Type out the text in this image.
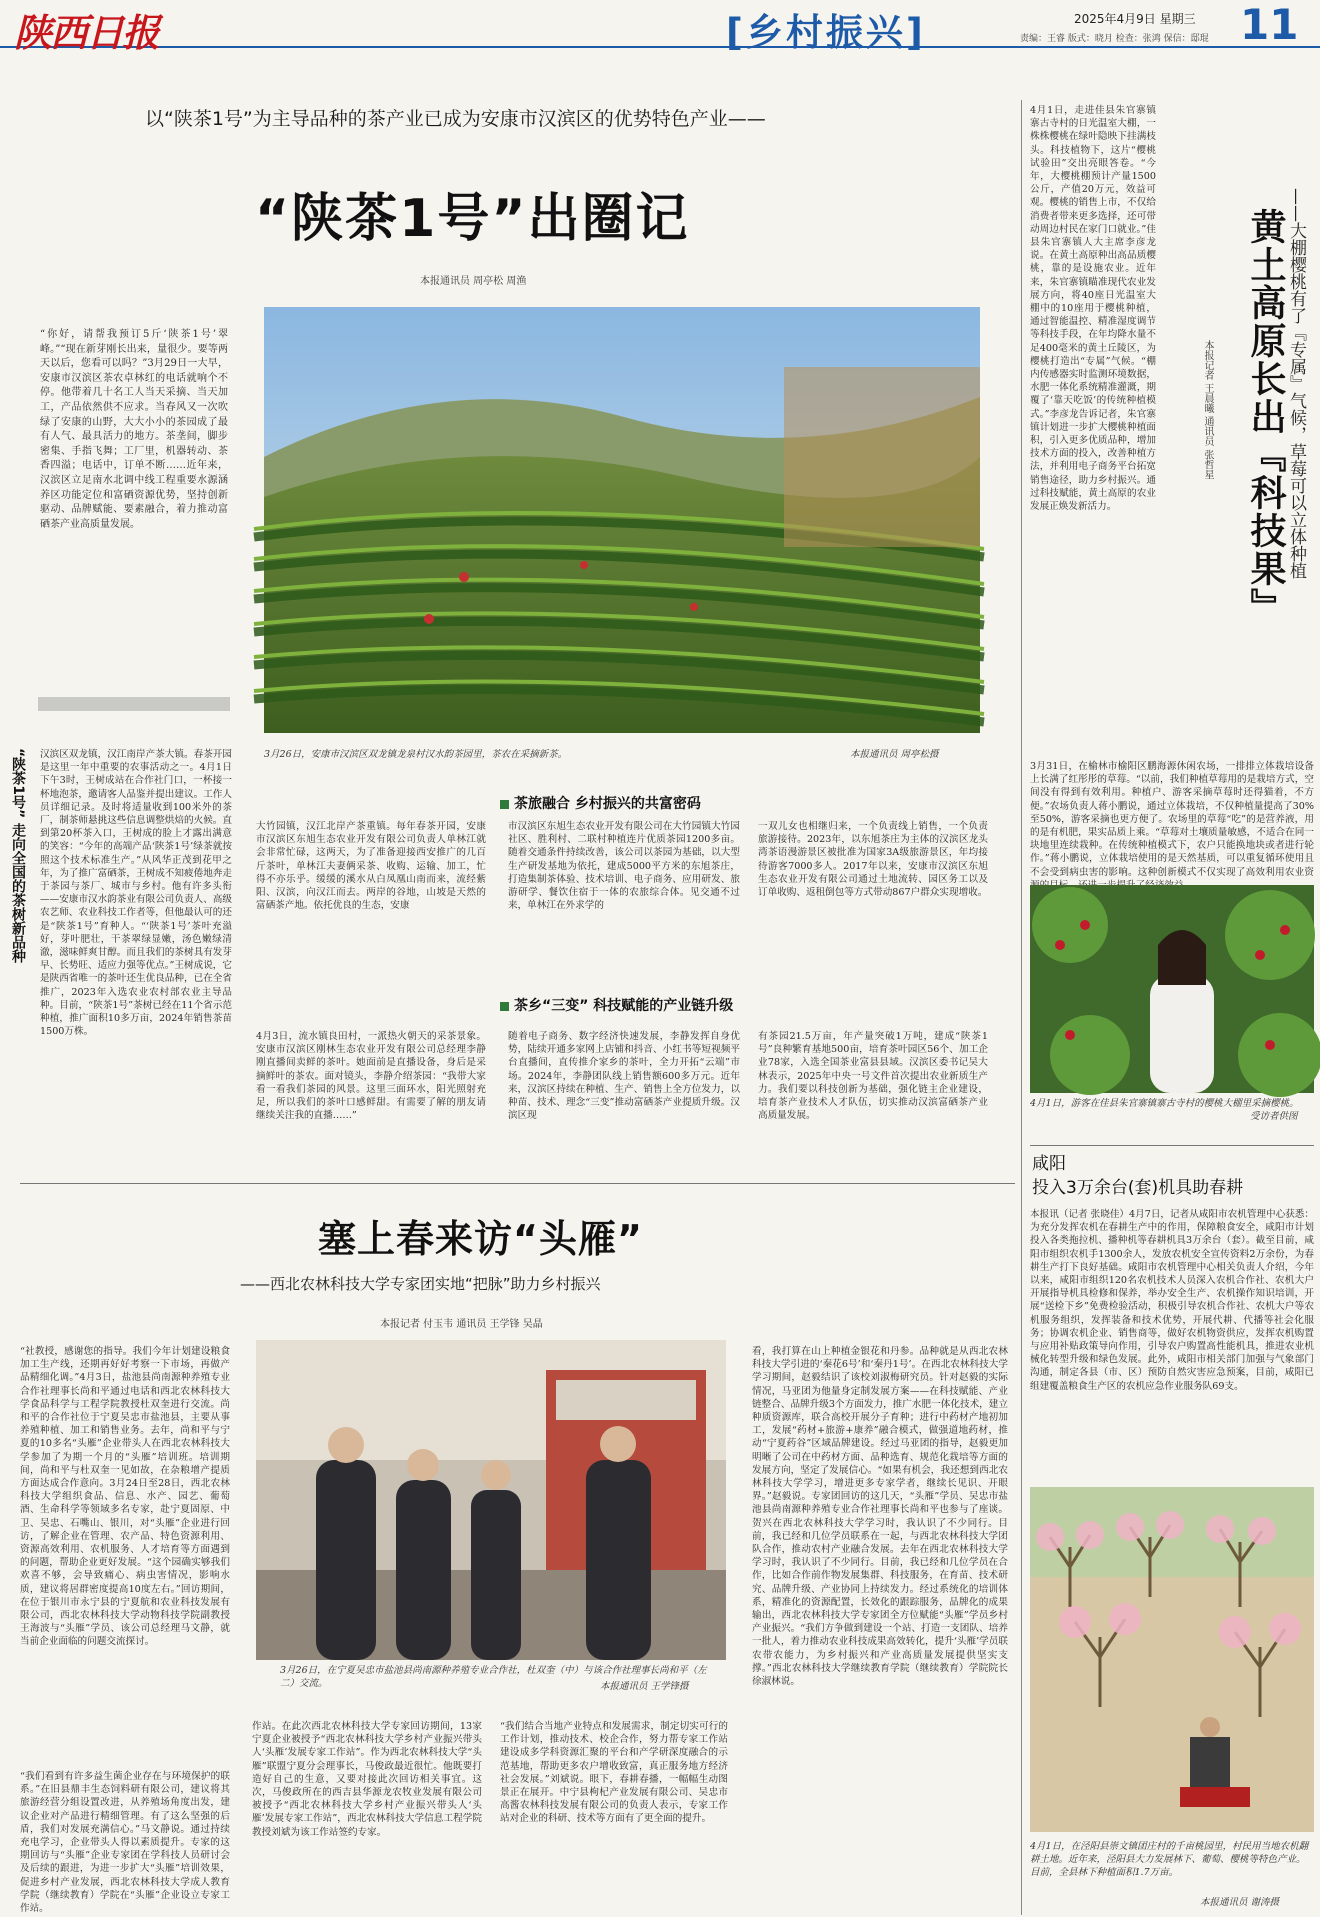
陕西日报	[乡村振兴]	2025年4月9日 星期三
责编：王睿 版式：晓月 检查：张鸿 保信：邸琨 11
以“陕茶1号”为主导品种的茶产业已成为安康市汉滨区的优势特色产业——
“陕茶1号”出圈记
本报通讯员 周亭松 周渔
“你好，请帮我预订5斤‘陕茶1号’翠峰。”“现在新芽刚长出来，量很少。要等两天以后，您看可以吗？”3月29日一大早，安康市汉滨区茶农卓林红的电话就响个不停。他带着几十名工人当天采摘、当天加工，产品依然供不应求。当春风又一次吹绿了安康的山野，大大小小的茶园成了最有人气、最具活力的地方。茶垄间，脚步密集、手指飞舞；工厂里，机器转动、茶香四溢；电话中，订单不断……近年来，汉滨区立足南水北调中线工程重要水源涵养区功能定位和富硒资源优势，坚持创新驱动、品牌赋能、要素融合，着力推动富硒茶产业高质量发展。
3月26日，安康市汉滨区双龙镇龙泉村汉水韵茶园里，茶农在采摘新茶。	本报通讯员 周亭松摄
“陕茶1号” 走向全国的茶树新品种 汉滨区双龙镇，汉江南岸产茶大镇。春茶开园是这里一年中重要的农事活动之一。4月1日下午3时，王树成站在合作社门口，一杯接一杯地泡茶，邀请客人品鉴并提出建议。工作人员详细记录。及时将适量收到100米外的茶厂，制茶师悬挑这些信息调整烘焙的火候。直到第20杯茶入口，王树成的脸上才露出满意的笑容：“今年的高端产品‘陕茶1号’绿茶就按照这个技术标准生产。”从风华正茂到花甲之年，为了推广富硒茶，王树成不知疲倦地奔走于茶园与茶厂、城市与乡村。他有许多头衔——安康市汉水韵茶业有限公司负责人、高级农艺师、农业科技工作者等，但他最认可的还是“陕茶1号”育种人。“‘陕茶1号’茶叶充溢好，芽叶肥壮，干茶翠绿显嫩，汤色嫩绿清澈，滋味鲜爽甘醇。而且我们的茶树具有发芽早、长势旺、适应力强等优点。”王树成说，它是陕西省唯一的茶叶还生优良品种，已在全省推广，2023年入选农业农村部农业主导品种。目前，“陕茶1号”茶树已经在11个省示范种植，推广面积10多万亩，2024年销售茶苗1500万株。
茶旅融合 乡村振兴的共富密码
大竹园镇，汉江北岸产茶重镇。每年春茶开园，安康市汉滨区东旭生态农业开发有限公司负责人单林江就会非常忙碌，这两天，为了准备迎接西安推广的几百斤茶叶，单林江夫妻俩采茶、收购、运输、加工，忙得不亦乐乎。缓缓的溪水从白凤凰山南而来，流经紫阳、汉滨，向汉江而去。两岸的谷地，山坡是天然的富硒茶产地。依托优良的生态，安康
市汉滨区东旭生态农业开发有限公司在大竹园镇大竹园社区、胜利村、二联村种植连片优质茶园1200多亩。随着交通条件持续改善，该公司以茶园为基础，以大型生产研发基地为依托，建成5000平方米的东旭茶庄，打造集制茶体验、技术培训、电子商务、应用研发、旅游研学、餐饮住宿于一体的农旅综合体。见交通不过来，单林江在外求学的
一双儿女也相继归来，一个负责线上销售，一个负责旅游接待。2023年，以东旭茶庄为主体的汉滨区龙头湾茶语漫游景区被批准为国家3A级旅游景区，年均接待游客7000多人。2017年以来，安康市汉滨区东旭生态农业开发有限公司通过土地流转、园区务工以及订单收购、返租倒包等方式带动867户群众实现增收。
茶乡“三变” 科技赋能的产业链升级
4月3日，流水镇良田村，一派热火朝天的采茶景象。安康市汉滨区刚林生态农业开发有限公司总经理李静刚直播间卖鲜的茶叶。她面前是直播设备，身后是采摘鲜叶的茶农。面对镜头，李静介绍茶园：“我带大家看一看我们茶园的风景。这里三面环水，阳光照射充足，所以我们的茶叶口感鲜甜。有需要了解的朋友请继续关注我的直播……”
随着电子商务、数字经济快速发展，李静发挥自身优势，陆续开通多家网上店铺和抖音、小红书等短视频平台直播间，直传推介家乡的茶叶，全力开拓“云端”市场。2024年，李静团队线上销售额600多万元。近年来，汉滨区持续在种植、生产、销售上全方位发力，以种苗、技术、理念“三变”推动富硒茶产业提质升级。汉滨区现
有茶园21.5万亩，年产量突破1万吨，建成“陕茶1号”良种繁育基地500亩，培育茶叶园区56个、加工企业78家，入选全国茶业富县县域。汉滨区委书记吴大林表示，2025年中央一号文件首次提出农业新质生产力。我们要以科技创新为基础，强化链主企业建设，培育茶产业技术人才队伍，切实推动汉滨富硒茶产业高质量发展。
塞上春来访“头雁”
——西北农林科技大学专家团实地“把脉”助力乡村振兴
本报记者 付玉韦 通讯员 王学锋 吴晶
“社教授，感谢您的指导。我们今年计划建设粮食加工生产线，还期再好好考察一下市场，再做产品精细化调。”4月3日，盐池县尚南源种养殖专业合作社理事长尚和平通过电话和西北农林科技大学食品科学与工程学院教授杜双奎进行交流。尚和平的合作社位于宁夏吴忠市盐池县，主要从事养殖种植、加工和销售业务。去年，尚和平与宁夏的10多名“头雁”企业带头人在西北农林科技大学参加了为期一个月的“头雁”培训班。培训期间，尚和平与杜双奎一见如故，在杂粮增产提质方面达成合作意向。3月24日至28日，西北农林科技大学组织食品、信息、水产、园艺、葡萄酒、生命科学等领域多名专家，赴宁夏固原、中卫、吴忠、石嘴山、银川，对“头雁”企业进行回访，了解企业在管理、农产品、特色资源利用、资源高效利用、农机服务、人才培育等方面遇到的问题，帮助企业更好发展。“这个园确实够我们欢喜不够，会导致痛心、病虫害情况，影响水质，建议将居群密度提高10度左右。”回访期间，在位于银川市永宁县的宁夏航和农业科技发展有限公司，西北农林科技大学动物科技学院副教授王海波与“头雁”学员、该公司总经理马文静，就当前企业面临的问题交流探讨。
“我们看到有许多益生菌企业存在与环境保护的联系。”在旧县鼎丰生态饲料研有限公司，建议将其旅游经营分组设置改进，从养殖场角度出发，建议企业对产品进行精细管理。有了这么坚强的后盾，我们对发展充满信心。”马文静说。通过持续充电学习，企业带头人得以素质提升。专家的这期回访与“头雁”企业专家团在学科技人员研讨会及后续的跟进，为进一步扩大“头雁”培训效果，促进乡村产业发展，西北农林科技大学成人教育学院（继续教育）学院在“头雁”企业设立专家工作站。
3月26日，在宁夏吴忠市盐池县尚南源种养殖专业合作社，杜双奎（中）与该合作社理事长尚和平（左二）交流。	本报通讯员 王学锋摄
作站。在此次西北农林科技大学专家回访期间，13家宁夏企业被授予“西北农林科技大学乡村产业振兴带头人‘头雁’发展专家工作站”。作为西北农林科技大学“头雁”联盟宁夏分会理事长，马俊政最近很忙。他既要打造好自己的生意，又要对接此次回访相关事宜。这次，马俊政所在的西吉县华源龙农牧业发展有限公司被授予“西北农林科技大学乡村产业振兴带头人‘头雁’发展专家工作站”，西北农林科技大学信息工程学院教授刘斌为该工作站签约专家。
“我们结合当地产业特点和发展需求，制定切实可行的工作计划，推动技术、校企合作，努力帮专家工作站建设成多学科资源汇聚的平台和产学研深度融合的示范基地，帮助更多农户增收致富，真正服务地方经济社会发展。”刘斌说。眼下，春耕春播，一幅幅生动图景正在展开。中宁县枸杞产业发展有限公司、吴忠市高酱农林科技发展有限公司的负责人表示，专家工作站对企业的科研、技术等方面有了更全面的提升。
看，我打算在山上种植金银花和丹参。品种就是从西北农林科技大学引进的‘秦花6号’和‘秦丹1号’。在西北农林科技大学学习期间，赵毅结识了该校刘淑梅研究员。针对赵毅的实际情况，马亚团为他量身定制发展方案——在科技赋能、产业链整合、品牌升级3个方面发力，推广水肥一体化技术，建立种质资源库，联合高校开展分子育种；进行中药材产地初加工，发展“药材+旅游+康养”融合模式，做强道地药材，推动“宁夏药谷”区域品牌建设。经过马亚团的指导，赵毅更加明晰了公司在中药材方面、品种选育、规范化栽培等方面的发展方向，坚定了发展信心。“如果有机会，我还想到西北农林科技大学学习，增进更多专家学者，继续长见识、开眼界。”赵毅说。专家团回访的这几天，“头雁”学员、吴忠市盐池县尚南源种养殖专业合作社理事长尚和平也参与了座谈。贺兴在西北农林科技大学学习时，我认识了不少同行。目前，我已经和几位学员联系在一起，与西北农林科技大学团队合作，推动农村产业融合发展。去年在西北农林科技大学学习时，我认识了不少同行。目前，我已经和几位学员在合作，比如合作前作物发展集群、科技服务，在育苗、技术研究、品牌升级、产业协同上持续发力。经过系统化的培训体系，精准化的资源配置，长效化的跟踪服务，品牌化的成果输出，西北农林科技大学专家团全方位赋能“头雁”学员乡村产业振兴。“我们方争做到建设一个站、打造一支团队、培养一批人，着力推动农业科技成果高效转化，提升‘头雁’学员联农带农能力，为乡村振兴和产业高质量发展提供坚实支撑。”西北农林科技大学继续教育学院（继续教育）学院院长徐淑林说。
4月1日，走进佳县朱官寨镇寨古寺村的日光温室大棚，一株株樱桃在绿叶隐映下挂满枝头。科技植物下，这片“樱桃试验田”交出亮眼答卷。“今年，大樱桃棚预计产量1500公斤，产值20万元，效益可观。樱桃的销售上市，不仅给消费者带来更多选择，还可带动周边村民在家门口就业。”佳县朱官寨镇人大主席李彦龙说。在黄土高原种出高品质樱桃，靠的是设施农业。近年来，朱官寨镇瞄准现代农业发展方向，将40座日光温室大棚中的10座用于樱桃种植，通过智能温控、精准湿度调节等科技手段，在年均降水量不足400毫米的黄土丘陵区，为樱桃打造出“专属”气候。“棚内传感器实时监测环境数据，水肥一体化系统精准灌溉，期覆了‘靠天吃饭’的传统种植模式。”李彦龙告诉记者，朱官寨镇计划进一步扩大樱桃种植面积，引入更多优质品种，增加技术方面的投入，改善种植方法，并利用电子商务平台拓宽销售途径，助力乡村振兴。通过科技赋能，黄土高原的农业发展正焕发新活力。	黄土高原长出『科技果』 ——大棚樱桃有了『专属』气候，草莓可以立体种植
本报记者 王晨曦 通讯员 张哲星
3月31日，在榆林市榆阳区鹏海源休闲农场，一排排立体栽培设备上长满了红彤彤的草莓。“以前，我们种植草莓用的是栽培方式，空间没有得到有效利用。种植户、游客采摘草莓时还得猫着，不方便。”农场负责人蒋小鹏说，通过立体栽培，不仅种植量提高了30%至50%，游客采摘也更方便了。农场里的草莓“吃”的是营养液，用的是有机肥，果实品质上乘。“草莓对土壤质量敏感，不适合在同一块地里连续栽种。在传统种植模式下，农户只能换地块或者进行轮作。”蒋小鹏说，立体栽培使用的是天然基质，可以重复循环使用且不会受到病虫害的影响。这种创新模式不仅实现了高效利用农业资
4月1日，游客在佳县朱官寨镇寨古寺村的樱桃大棚里采摘樱桃。
受访者供图
咸阳
投入3万余台(套)机具助春耕
本报讯（记者 张晓佳）4月7日，记者从咸阳市农机管理中心获悉：为充分发挥农机在春耕生产中的作用，保障粮食安全，咸阳市计划投入各类拖拉机、播种机等春耕机具3万余台（套）。截至目前，咸阳市组织农机手1300余人，发放农机安全宣传资料2万余份，为春耕生产打下良好基础。咸阳市农机管理中心相关负责人介绍，今年以来，咸阳市组织120名农机技术人员深入农机合作社、农机大户开展指导机具检修和保养，举办安全生产、农机操作知识培训，开展“送检下乡”免费检验活动，积极引导农机合作社、农机大户等农机服务组织，发挥装备和技术优势，开展代耕、代播等社会化服务；协调农机企业、销售商等，做好农机物资供应，发挥农机购置与应用补贴政策导向作用，引导农户购置高性能机具，推进农业机械化转型升级和绿色发展。此外，咸阳市相关部门加强与气象部门沟通，制定各县（市、区）预防自然灾害应急预案，目前，咸阳已组建覆盖粮食生产区的农机应急作业服务队69支。
4月1日，在泾阳县崇文镇团庄村的千亩桃园里，村民用当地农机翻耕土地。近年来，泾阳县大力发展林下、葡萄、樱桃等特色产业。目前，全县林下种植面积1.7万亩。
本报通讯员 谢涛摄
